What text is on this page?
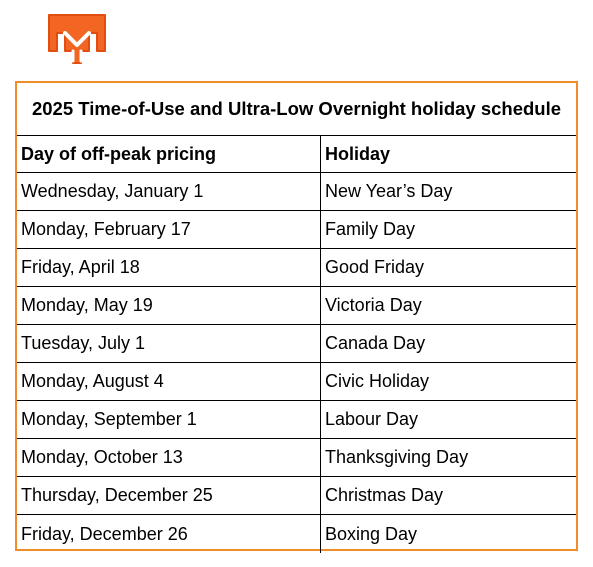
2025 Time-of-Use and Ultra-Low Overnight holiday schedule
Day of off-peak pricing	Holiday
Wednesday, January 1	New Year’s Day
Monday, February 17	Family Day
Friday, April 18	Good Friday
Monday, May 19	Victoria Day
Tuesday, July 1	Canada Day
Monday, August 4	Civic Holiday
Monday, September 1	Labour Day
Monday, October 13	Thanksgiving Day
Thursday, December 25	Christmas Day
Friday, December 26	Boxing Day
